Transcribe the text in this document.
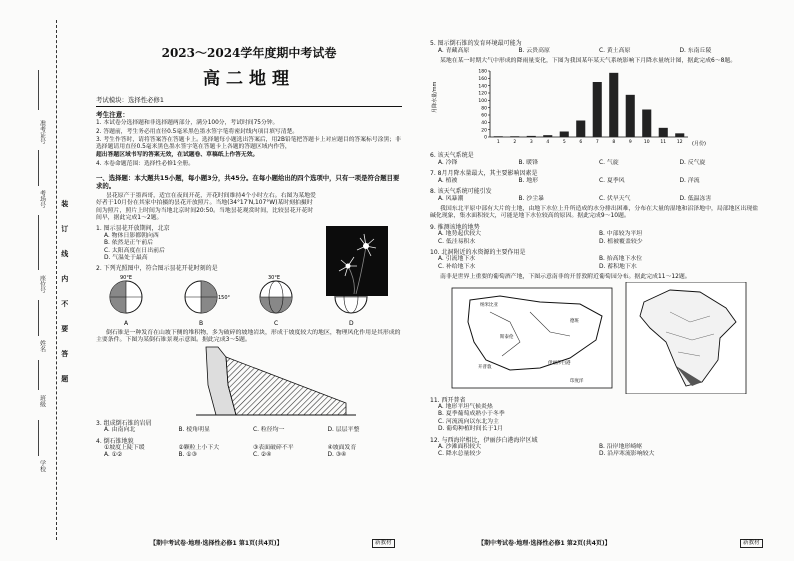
准考证号
考场号
座位号
姓名
班级
学校
装
订
线
内
不
要
答
题
2023～2024学年度期中考试卷
高二地理
考试模块：选择性必修1
考生注意：

1. 本试卷分选择题和非选择题两部分，满分100分，考试时间75分钟。

2. 答题前，考生务必用直径0.5毫米黑色墨水签字笔将密封线内项目填写清楚。

3. 考生作答时，请将答案答在答题卡上。选择题每小题选出答案后，用2B铅笔把答题卡上对应题目的答案标号涂黑；非选择题请用直径0.5毫米黑色墨水签字笔在答题卡上各题的答题区域内作答，

超出答题区域书写的答案无效，在试题卷、草稿纸上作答无效。

4. 本卷命题范围：选择性必修1全册。

一、选择题：本大题共15小题，每小题3分，共45分。在每小题给出的四个选项中，只有一项是符合题目要求的。
昙花原产于墨西哥，适宜在夜间开花，开花时间维持4个小时左右。右图为某地爱好者于10月份在其家中拍摄的昙花开放照片。当地(34°17′N,107°W)某时刻拍摄时间为照片，照片上时间为当地北京时间20:50。当地昙花观赏时间，比较昙花开花时间早，据此完成1～2题。
1. 图示昙花开放期间，北京
A. 物体日影都朝向西
B. 依然是正午前后
C. 太阳高度在日出前后
D. 气温处于最高
2. 下列光照图中，符合图示昙花开花时刻的是
90°E
150°
30°E
A	B	C	D
倒石锥是一种发育在山坡下侧的堆积物，多为破碎的坡地岩块，形成于坡度较大的地区，物理风化作用是其形成的主要条件。下图为某倒石锥景观示意图。据此完成3～5题。
3. 组成倒石锥的岩屑
A. 由南向北	B. 棱角明显	C. 粒径均一	D. 层层平整
4. 倒石锥地貌
①坡度上陡下缓	②颗粒上小下大	③表面破碎不平	④坡面发育
A. ①②	B. ①③	C. ②④	D. ③④
【期中考试卷·地理·选择性必修1 第1页(共4页)】	新教材
5. 图示倒石锥的发育环境最可能为
A. 青藏高原	B. 云贵高原	C. 黄土高原	D. 东南丘陵
某地在某一时期大气中形成的降雨量变化，下图为我国某年某天气系统影响下月降水量统计图，据此完成6～8题。
月降水量/mm
(月份)
0
20
40
60
80
100
120
140
160
180
1	2	3	4	5	6	7	8	9	10 11 12
6. 该天气系统是
A. 冷锋	B. 暖锋	C. 气旋	D. 反气旋
7. 8月月降水量最大，其主要影响因素是
A. 植被	B. 地形	C. 夏季风	D. 洋流
8. 该天气系统可能引发
A. 风暴潮	B. 沙尘暴	C. 伏旱天气	D. 低温冻害
我国东北平原中部有大片的土地，由地下水位上升所造成的水分排出困难，分布在大量的湿地和沼泽地中，局部地区出现盐碱化现象，集水面积较大，可能是地下水位较高的原因。据此完成9～10题。
9. 推测该地的地势
A. 地势起伏较大	B. 中部较为平坦
C. 低洼易积水	D. 植被覆盖较少
10. 北洞附近的水资源的主要作用是
A. 引流地下水	B. 抬高地下水位
C. 补给地下水	D. 蓄积地下水
南非是世界上重要的葡萄酒产地，下图示意南非的开普敦附近葡萄园分布。据此完成11～12题。
开普敦
伊丽莎白港
德班
斯泰伦
纳米比亚
印度洋
11. 西开普省
A. 地形平坦气候炎热
B. 夏季葡萄成熟小于冬季
C. 河流流向以东北为主
D. 葡萄种植时间长于1月
12. 与西海岸相比，伊丽莎白港海岸区域
A. 沙滩面积较大	B. 沿岸地形崎岖
C. 降水总量较少	D. 沿岸寒流影响较大
【期中考试卷·地理·选择性必修1 第2页(共4页)】	新教材
